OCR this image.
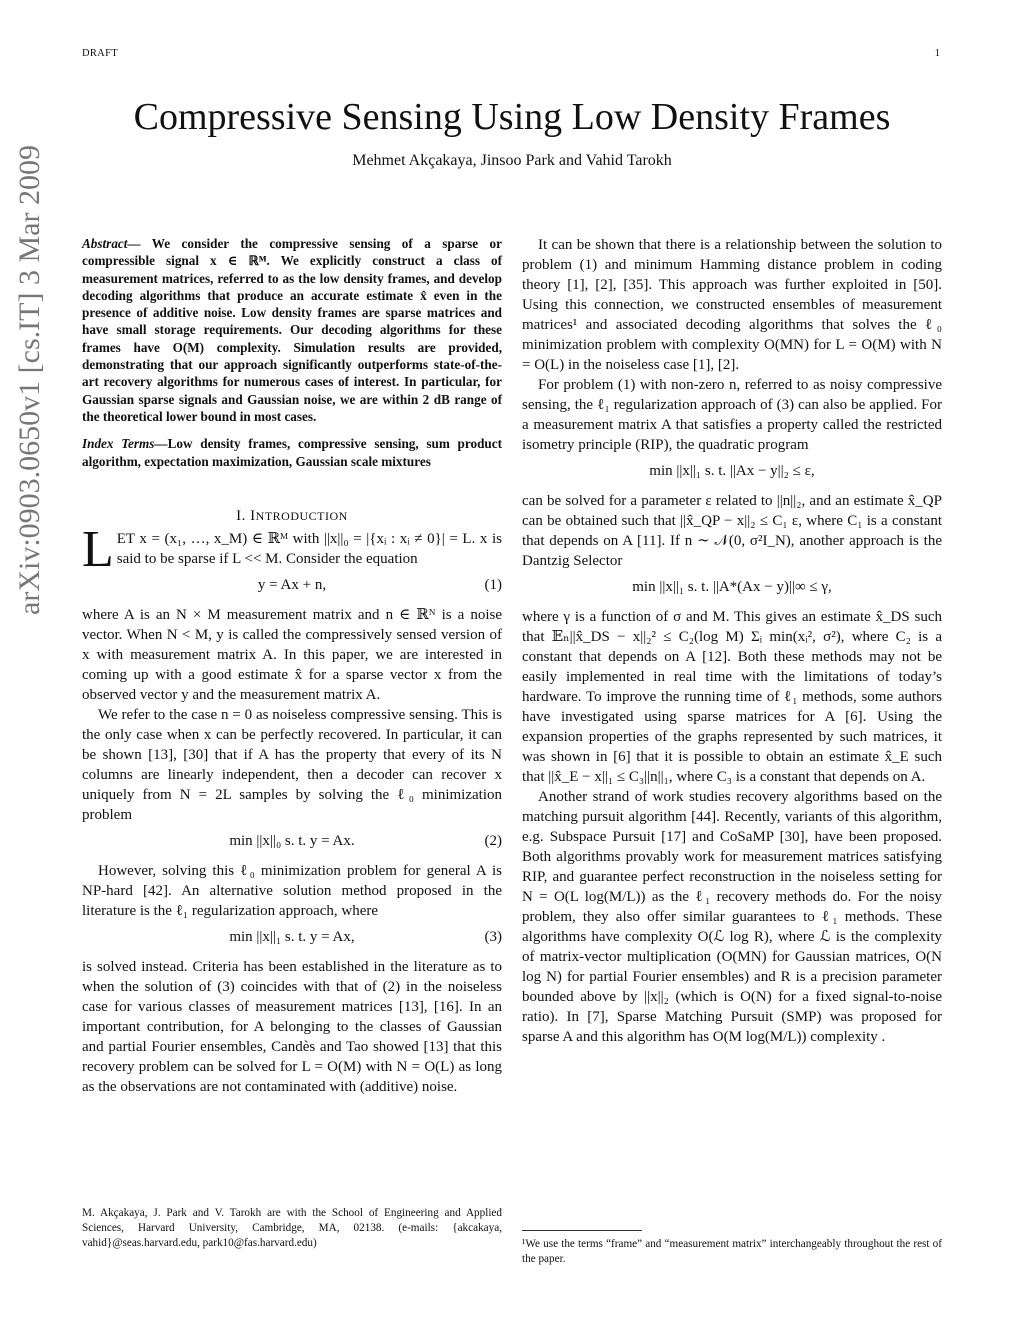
DRAFT	1
Compressive Sensing Using Low Density Frames
Mehmet Akçakaya, Jinsoo Park and Vahid Tarokh
arXiv:0903.0650v1 [cs.IT] 3 Mar 2009	Abstract— We consider the compressive sensing of a sparse or compressible signal x ∈ ℝᴹ. We explicitly construct a class of measurement matrices, referred to as the low density frames, and develop decoding algorithms that produce an accurate estimate x̂ even in the presence of additive noise. Low density frames are sparse matrices and have small storage requirements. Our decoding algorithms for these frames have O(M) complexity. Simulation results are provided, demonstrating that our approach significantly outperforms state-of-the-art recovery algorithms for numerous cases of interest. In particular, for Gaussian sparse signals and Gaussian noise, we are within 2 dB range of the theoretical lower bound in most cases.

Index Terms—Low density frames, compressive sensing, sum product algorithm, expectation maximization, Gaussian scale mixtures

I. INTRODUCTION

LET x = (x₁, …, x_M) ∈ ℝᴹ with ||x||₀ = |{xᵢ : xᵢ ≠ 0}| = L. x is said to be sparse if L << M. Consider the equation

y = Ax + n,	(1)

where A is an N × M measurement matrix and n ∈ ℝᴺ is a noise vector. When N < M, y is called the compressively sensed version of x with measurement matrix A. In this paper, we are interested in coming up with a good estimate x̂ for a sparse vector x from the observed vector y and the measurement matrix A.

We refer to the case n = 0 as noiseless compressive sensing. This is the only case when x can be perfectly recovered. In particular, it can be shown [13], [30] that if A has the property that every of its N columns are linearly independent, then a decoder can recover x uniquely from N = 2L samples by solving the ℓ₀ minimization problem

min ||x||₀ s. t. y = Ax.	(2)

However, solving this ℓ₀ minimization problem for general A is NP-hard [42]. An alternative solution method proposed in the literature is the ℓ₁ regularization approach, where

min ||x||₁ s. t. y = Ax,	(3)

is solved instead. Criteria has been established in the literature as to when the solution of (3) coincides with that of (2) in the noiseless case for various classes of measurement matrices [13], [16]. In an important contribution, for A belonging to the classes of Gaussian and partial Fourier ensembles, Candès and Tao showed [13] that this recovery problem can be solved for L = O(M) with N = O(L) as long as the observations are not contaminated with (additive) noise.

M. Akçakaya, J. Park and V. Tarokh are with the School of Engineering and Applied Sciences, Harvard University, Cambridge, MA, 02138. (e-mails: {akcakaya, vahid}@seas.harvard.edu, park10@fas.harvard.edu)

It can be shown that there is a relationship between the solution to problem (1) and minimum Hamming distance problem in coding theory [1], [2], [35]. This approach was further exploited in [50]. Using this connection, we constructed ensembles of measurement matrices¹ and associated decoding algorithms that solves the ℓ₀ minimization problem with complexity O(MN) for L = O(M) with N = O(L) in the noiseless case [1], [2].

For problem (1) with non-zero n, referred to as noisy compressive sensing, the ℓ₁ regularization approach of (3) can also be applied. For a measurement matrix A that satisfies a property called the restricted isometry principle (RIP), the quadratic program

min ||x||₁ s. t. ||Ax − y||₂ ≤ ε,

can be solved for a parameter ε related to ||n||₂, and an estimate x̂_QP can be obtained such that ||x̂_QP − x||₂ ≤ C₁ ε, where C₁ is a constant that depends on A [11]. If n ∼ 𝒩(0, σ²I_N), another approach is the Dantzig Selector

min ||x||₁ s. t. ||A*(Ax − y)||∞ ≤ γ,

where γ is a function of σ and M. This gives an estimate x̂_DS such that 𝔼ₙ||x̂_DS − x||₂² ≤ C₂(log M) Σᵢ min(xᵢ², σ²), where C₂ is a constant that depends on A [12]. Both these methods may not be easily implemented in real time with the limitations of today’s hardware. To improve the running time of ℓ₁ methods, some authors have investigated using sparse matrices for A [6]. Using the expansion properties of the graphs represented by such matrices, it was shown in [6] that it is possible to obtain an estimate x̂_E such that ||x̂_E − x||₁ ≤ C₃||n||₁, where C₃ is a constant that depends on A.

Another strand of work studies recovery algorithms based on the matching pursuit algorithm [44]. Recently, variants of this algorithm, e.g. Subspace Pursuit [17] and CoSaMP [30], have been proposed. Both algorithms provably work for measurement matrices satisfying RIP, and guarantee perfect reconstruction in the noiseless setting for N = O(L log(M/L)) as the ℓ₁ recovery methods do. For the noisy problem, they also offer similar guarantees to ℓ₁ methods. These algorithms have complexity O(ℒ log R), where ℒ is the complexity of matrix-vector multiplication (O(MN) for Gaussian matrices, O(N log N) for partial Fourier ensembles) and R is a precision parameter bounded above by ||x||₂ (which is O(N) for a fixed signal-to-noise ratio). In [7], Sparse Matching Pursuit (SMP) was proposed for sparse A and this algorithm has O(M log(M/L)) complexity .

¹We use the terms “frame” and “measurement matrix” interchangeably throughout the rest of the paper.
